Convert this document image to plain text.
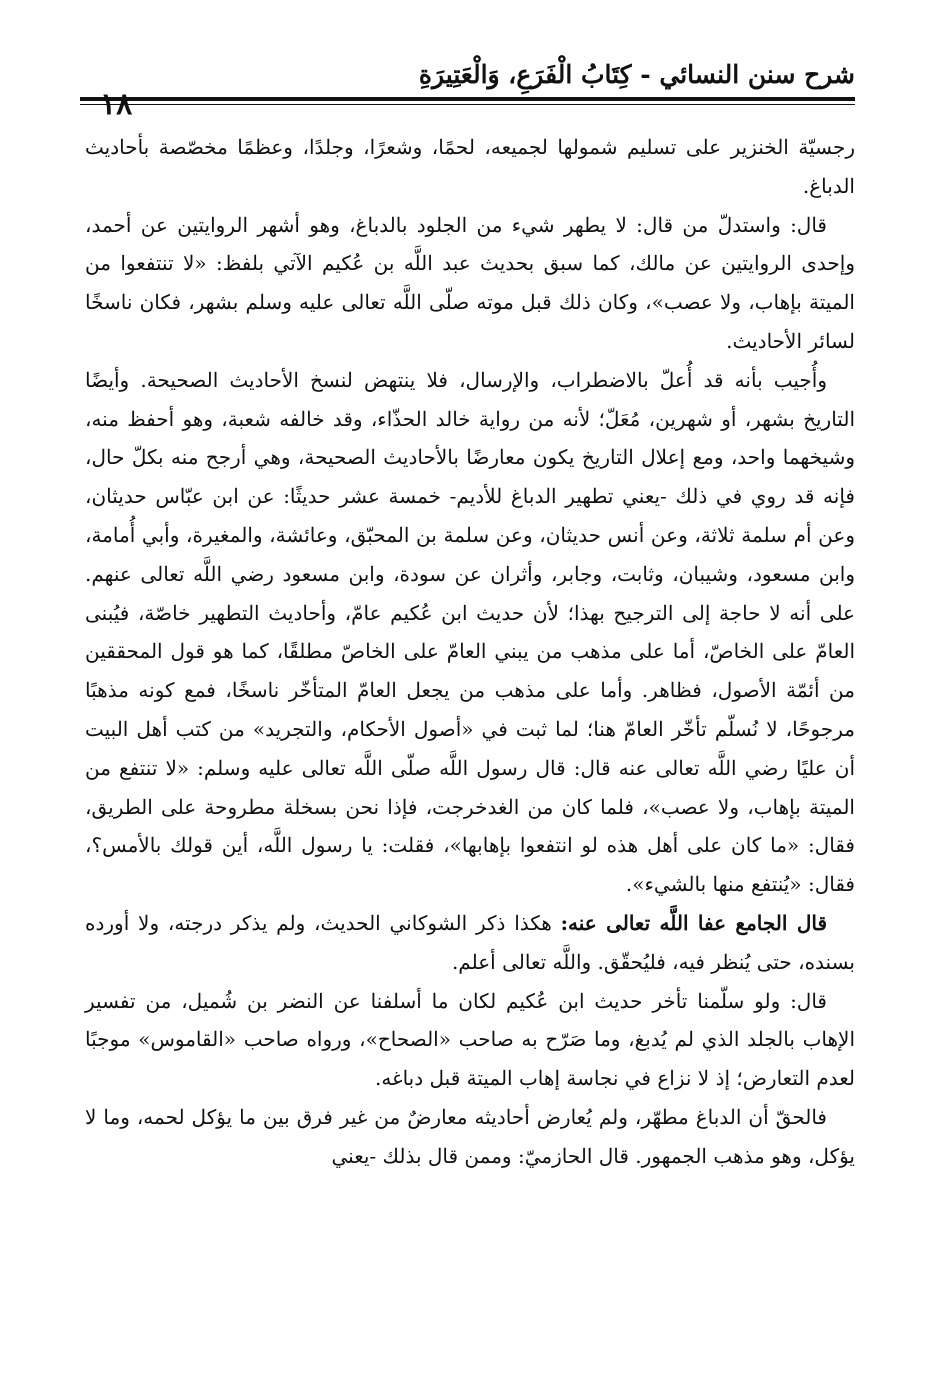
شرح سنن النسائي - كِتَابُ الْفَرَعِ، وَالْعَتِيرَةِ
١٨

رجسيّة الخنزير على تسليم شمولها لجميعه، لحمًا، وشعرًا، وجلدًا، وعظمًا مخصّصة بأحاديث الدباغ.

قال: واستدلّ من قال: لا يطهر شيء من الجلود بالدباغ، وهو أشهر الروايتين عن أحمد، وإحدى الروايتين عن مالك، كما سبق بحديث عبد اللَّه بن عُكيم الآتي بلفظ: «لا تنتفعوا من الميتة بإهاب، ولا عصب»، وكان ذلك قبل موته صلّى اللَّه تعالى عليه وسلم بشهر، فكان ناسخًا لسائر الأحاديث.

وأُجيب بأنه قد أُعلّ بالاضطراب، والإرسال، فلا ينتهض لنسخ الأحاديث الصحيحة. وأيضًا التاريخ بشهر، أو شهرين، مُعَلّ؛ لأنه من رواية خالد الحذّاء، وقد خالفه شعبة، وهو أحفظ منه، وشيخهما واحد، ومع إعلال التاريخ يكون معارضًا بالأحاديث الصحيحة، وهي أرجح منه بكلّ حال، فإنه قد روي في ذلك -يعني تطهير الدباغ للأديم- خمسة عشر حديثًا: عن ابن عبّاس حديثان، وعن أم سلمة ثلاثة، وعن أنس حديثان، وعن سلمة بن المحبّق، وعائشة، والمغيرة، وأبي أُمامة، وابن مسعود، وشيبان، وثابت، وجابر، وأثران عن سودة، وابن مسعود رضي اللَّه تعالى عنهم. على أنه لا حاجة إلى الترجيح بهذا؛ لأن حديث ابن عُكيم عامّ، وأحاديث التطهير خاصّة، فيُبنى العامّ على الخاصّ، أما على مذهب من يبني العامّ على الخاصّ مطلقًا، كما هو قول المحققين من أئمّة الأصول، فظاهر. وأما على مذهب من يجعل العامّ المتأخّر ناسخًا، فمع كونه مذهبًا مرجوحًا، لا نُسلّم تأخّر العامّ هنا؛ لما ثبت في «أصول الأحكام، والتجريد» من كتب أهل البيت أن عليًا رضي اللَّه تعالى عنه قال: قال رسول اللَّه صلّى اللَّه تعالى عليه وسلم: «لا تنتفع من الميتة بإهاب، ولا عصب»، فلما كان من الغدخرجت، فإذا نحن بسخلة مطروحة على الطريق، فقال: «ما كان على أهل هذه لو انتفعوا بإهابها»، فقلت: يا رسول اللَّه، أين قولك بالأمس؟، فقال: «يُنتفع منها بالشيء».

قال الجامع عفا اللَّه تعالى عنه: هكذا ذكر الشوكاني الحديث، ولم يذكر درجته، ولا أورده بسنده، حتى يُنظر فيه، فليُحقّق. واللَّه تعالى أعلم.

قال: ولو سلّمنا تأخر حديث ابن عُكيم لكان ما أسلفنا عن النضر بن شُميل، من تفسير الإهاب بالجلد الذي لم يُدبغ، وما صَرّح به صاحب «الصحاح»، ورواه صاحب «القاموس» موجبًا لعدم التعارض؛ إذ لا نزاع في نجاسة إهاب الميتة قبل دباغه.

فالحقّ أن الدباغ مطهّر، ولم يُعارض أحاديثه معارضٌ من غير فرق بين ما يؤكل لحمه، وما لا يؤكل، وهو مذهب الجمهور. قال الحازميّ: وممن قال بذلك -يعني
